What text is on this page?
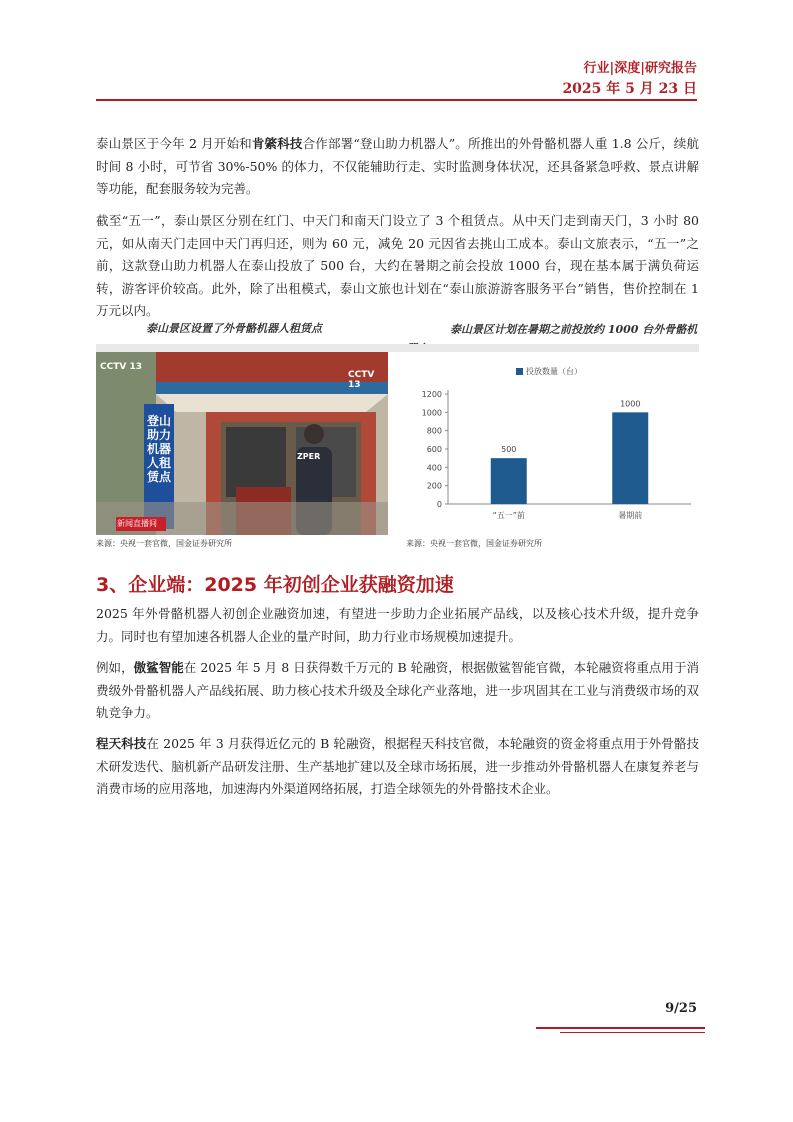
行业|深度|研究报告
2025 年 5 月 23 日

泰山景区于今年 2 月开始和肯綮科技合作部署“登山助力机器人”。所推出的外骨骼机器人重 1.8 公斤，续航时间 8 小时，可节省 30%-50% 的体力，不仅能辅助行走、实时监测身体状况，还具备紧急呼救、景点讲解等功能，配套服务较为完善。

截至“五一”，泰山景区分别在红门、中天门和南天门设立了 3 个租赁点。从中天门走到南天门，3 小时 80 元，如从南天门走回中天门再归还，则为 60 元，减免 20 元因省去挑山工成本。泰山文旅表示，“五一”之前，这款登山助力机器人在泰山投放了 500 台，大约在暑期之前会投放 1000 台，现在基本属于满负荷运转，游客评价较高。此外，除了出租模式，泰山文旅也计划在“泰山旅游游客服务平台”销售，售价控制在 1 万元以内。

泰山景区设置了外骨骼机器人租赁点	泰山景区计划在暑期之前投放约 1000 台外骨骼机

CCTV 13
CCTV 13
登山助力机器人租赁点
新闻直播间
ZPER
0
200
400
600
800
1000
1200
投放数量（台）
500
“五一”前
1000
暑期前
来源：央视一套官微，国金证券研究所	来源：央视一套官微，国金证券研究所
3、企业端：2025 年初创企业获融资加速

2025 年外骨骼机器人初创企业融资加速，有望进一步助力企业拓展产品线，以及核心技术升级，提升竞争力。同时也有望加速各机器人企业的量产时间，助力行业市场规模加速提升。

例如，傲鲨智能在 2025 年 5 月 8 日获得数千万元的 B 轮融资，根据傲鲨智能官微，本轮融资将重点用于消费级外骨骼机器人产品线拓展、助力核心技术升级及全球化产业落地，进一步巩固其在工业与消费级市场的双轨竞争力。

程天科技在 2025 年 3 月获得近亿元的 B 轮融资，根据程天科技官微，本轮融资的资金将重点用于外骨骼技术研发迭代、脑机新产品研发注册、生产基地扩建以及全球市场拓展，进一步推动外骨骼机器人在康复养老与消费市场的应用落地，加速海内外渠道网络拓展，打造全球领先的外骨骼技术企业。

9/25
